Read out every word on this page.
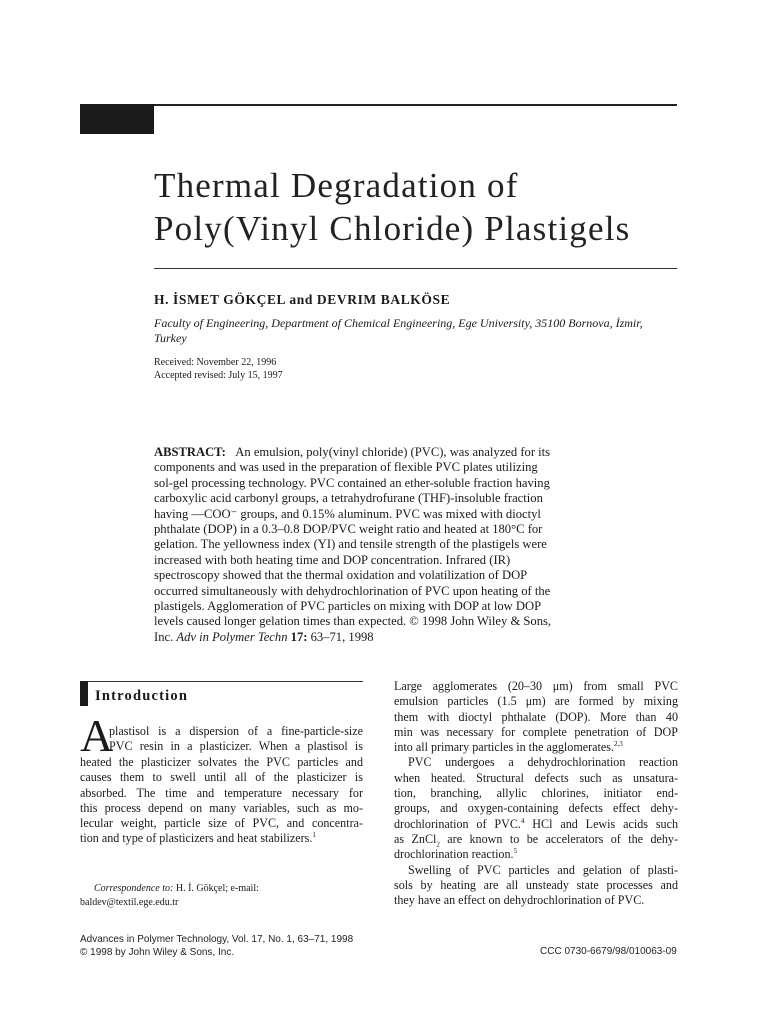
Thermal Degradation of
Poly(Vinyl Chloride) Plastigels
H. İSMET GÖKÇEL and DEVRIM BALKÖSE
Faculty of Engineering, Department of Chemical Engineering, Ege University, 35100 Bornova, İzmir,
Turkey
Received: November 22, 1996
Accepted revised: July 15, 1997
ABSTRACT: An emulsion, poly(vinyl chloride) (PVC), was analyzed for its
components and was used in the preparation of flexible PVC plates utilizing
sol-gel processing technology. PVC contained an ether-soluble fraction having
carboxylic acid carbonyl groups, a tetrahydrofurane (THF)-insoluble fraction
having —COO⁻ groups, and 0.15% aluminum. PVC was mixed with dioctyl
phthalate (DOP) in a 0.3–0.8 DOP/PVC weight ratio and heated at 180°C for
gelation. The yellowness index (YI) and tensile strength of the plastigels were
increased with both heating time and DOP concentration. Infrared (IR)
spectroscopy showed that the thermal oxidation and volatilization of DOP
occurred simultaneously with dehydrochlorination of PVC upon heating of the
plastigels. Agglomeration of PVC particles on mixing with DOP at low DOP
levels caused longer gelation times than expected. © 1998 John Wiley & Sons,
Inc. Adv in Polymer Techn 17: 63–71, 1998
Introduction
A
plastisol is a dispersion of a fine-particle-size
PVC resin in a plasticizer. When a plastisol is
heated the plasticizer solvates the PVC particles and
causes them to swell until all of the plasticizer is
absorbed. The time and temperature necessary for
this process depend on many variables, such as mo-
lecular weight, particle size of PVC, and concentra-
tion and type of plasticizers and heat stabilizers.$^1$
Correspondence to: H. İ. Gökçel; e-mail:
baldev@textil.ege.edu.tr
Large agglomerates (20–30 μm) from small PVC
emulsion particles (1.5 μm) are formed by mixing
them with dioctyl phthalate (DOP). More than 40
min was necessary for complete penetration of DOP
into all primary particles in the agglomerates.$^{2,3}$
PVC undergoes a dehydrochlorination reaction
when heated. Structural defects such as unsatura-
tion, branching, allylic chlorines, initiator end-
groups, and oxygen-containing defects effect dehy-
drochlorination of PVC.$^4$ HCl and Lewis acids such
as ZnCl$_2$ are known to be accelerators of the dehy-
drochlorination reaction.$^5$
Swelling of PVC particles and gelation of plasti-
sols by heating are all unsteady state processes and
they have an effect on dehydrochlorination of PVC.
Advances in Polymer Technology, Vol. 17, No. 1, 63–71, 1998
© 1998 by John Wiley & Sons, Inc.	CCC 0730-6679/98/010063-09
